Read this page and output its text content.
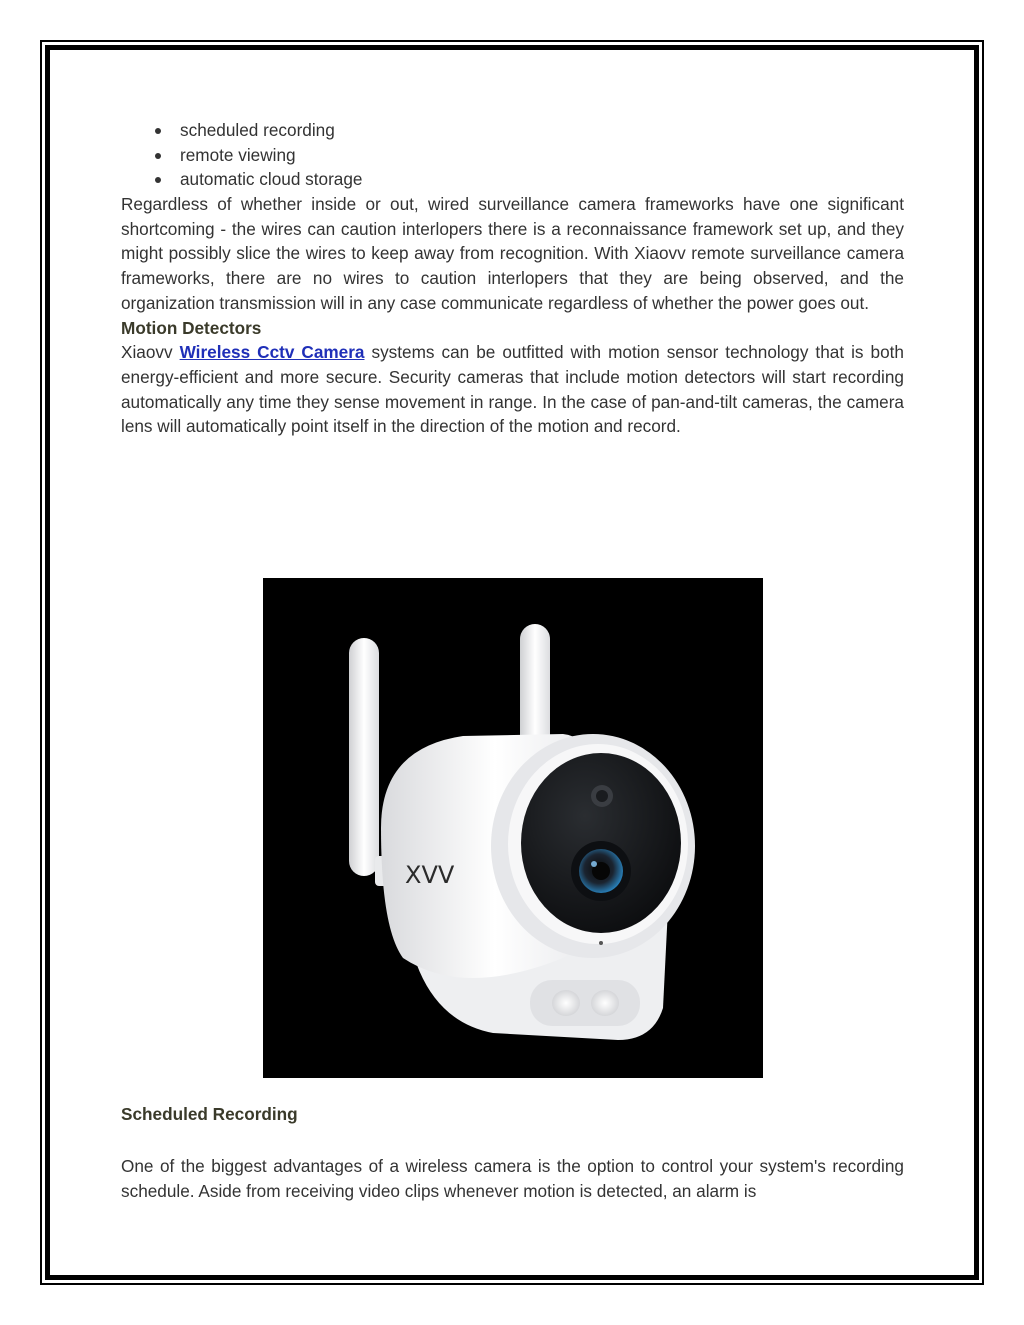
scheduled recording
remote viewing
automatic cloud storage

Regardless of whether inside or out, wired surveillance camera frameworks have one significant shortcoming - the wires can caution interlopers there is a reconnaissance framework set up, and they might possibly slice the wires to keep away from recognition. With Xiaovv remote surveillance camera frameworks, there are no wires to caution interlopers that they are being observed, and the organization transmission will in any case communicate regardless of whether the power goes out.

Motion Detectors

Xiaovv Wireless Cctv Camera systems can be outfitted with motion sensor technology that is both energy-efficient and more secure. Security cameras that include motion detectors will start recording automatically any time they sense movement in range. In the case of pan-and-tilt cameras, the camera lens will automatically point itself in the direction of the motion and record.

XVV

Scheduled Recording

One of the biggest advantages of a wireless camera is the option to control your system's recording schedule. Aside from receiving video clips whenever motion is detected, an alarm is
